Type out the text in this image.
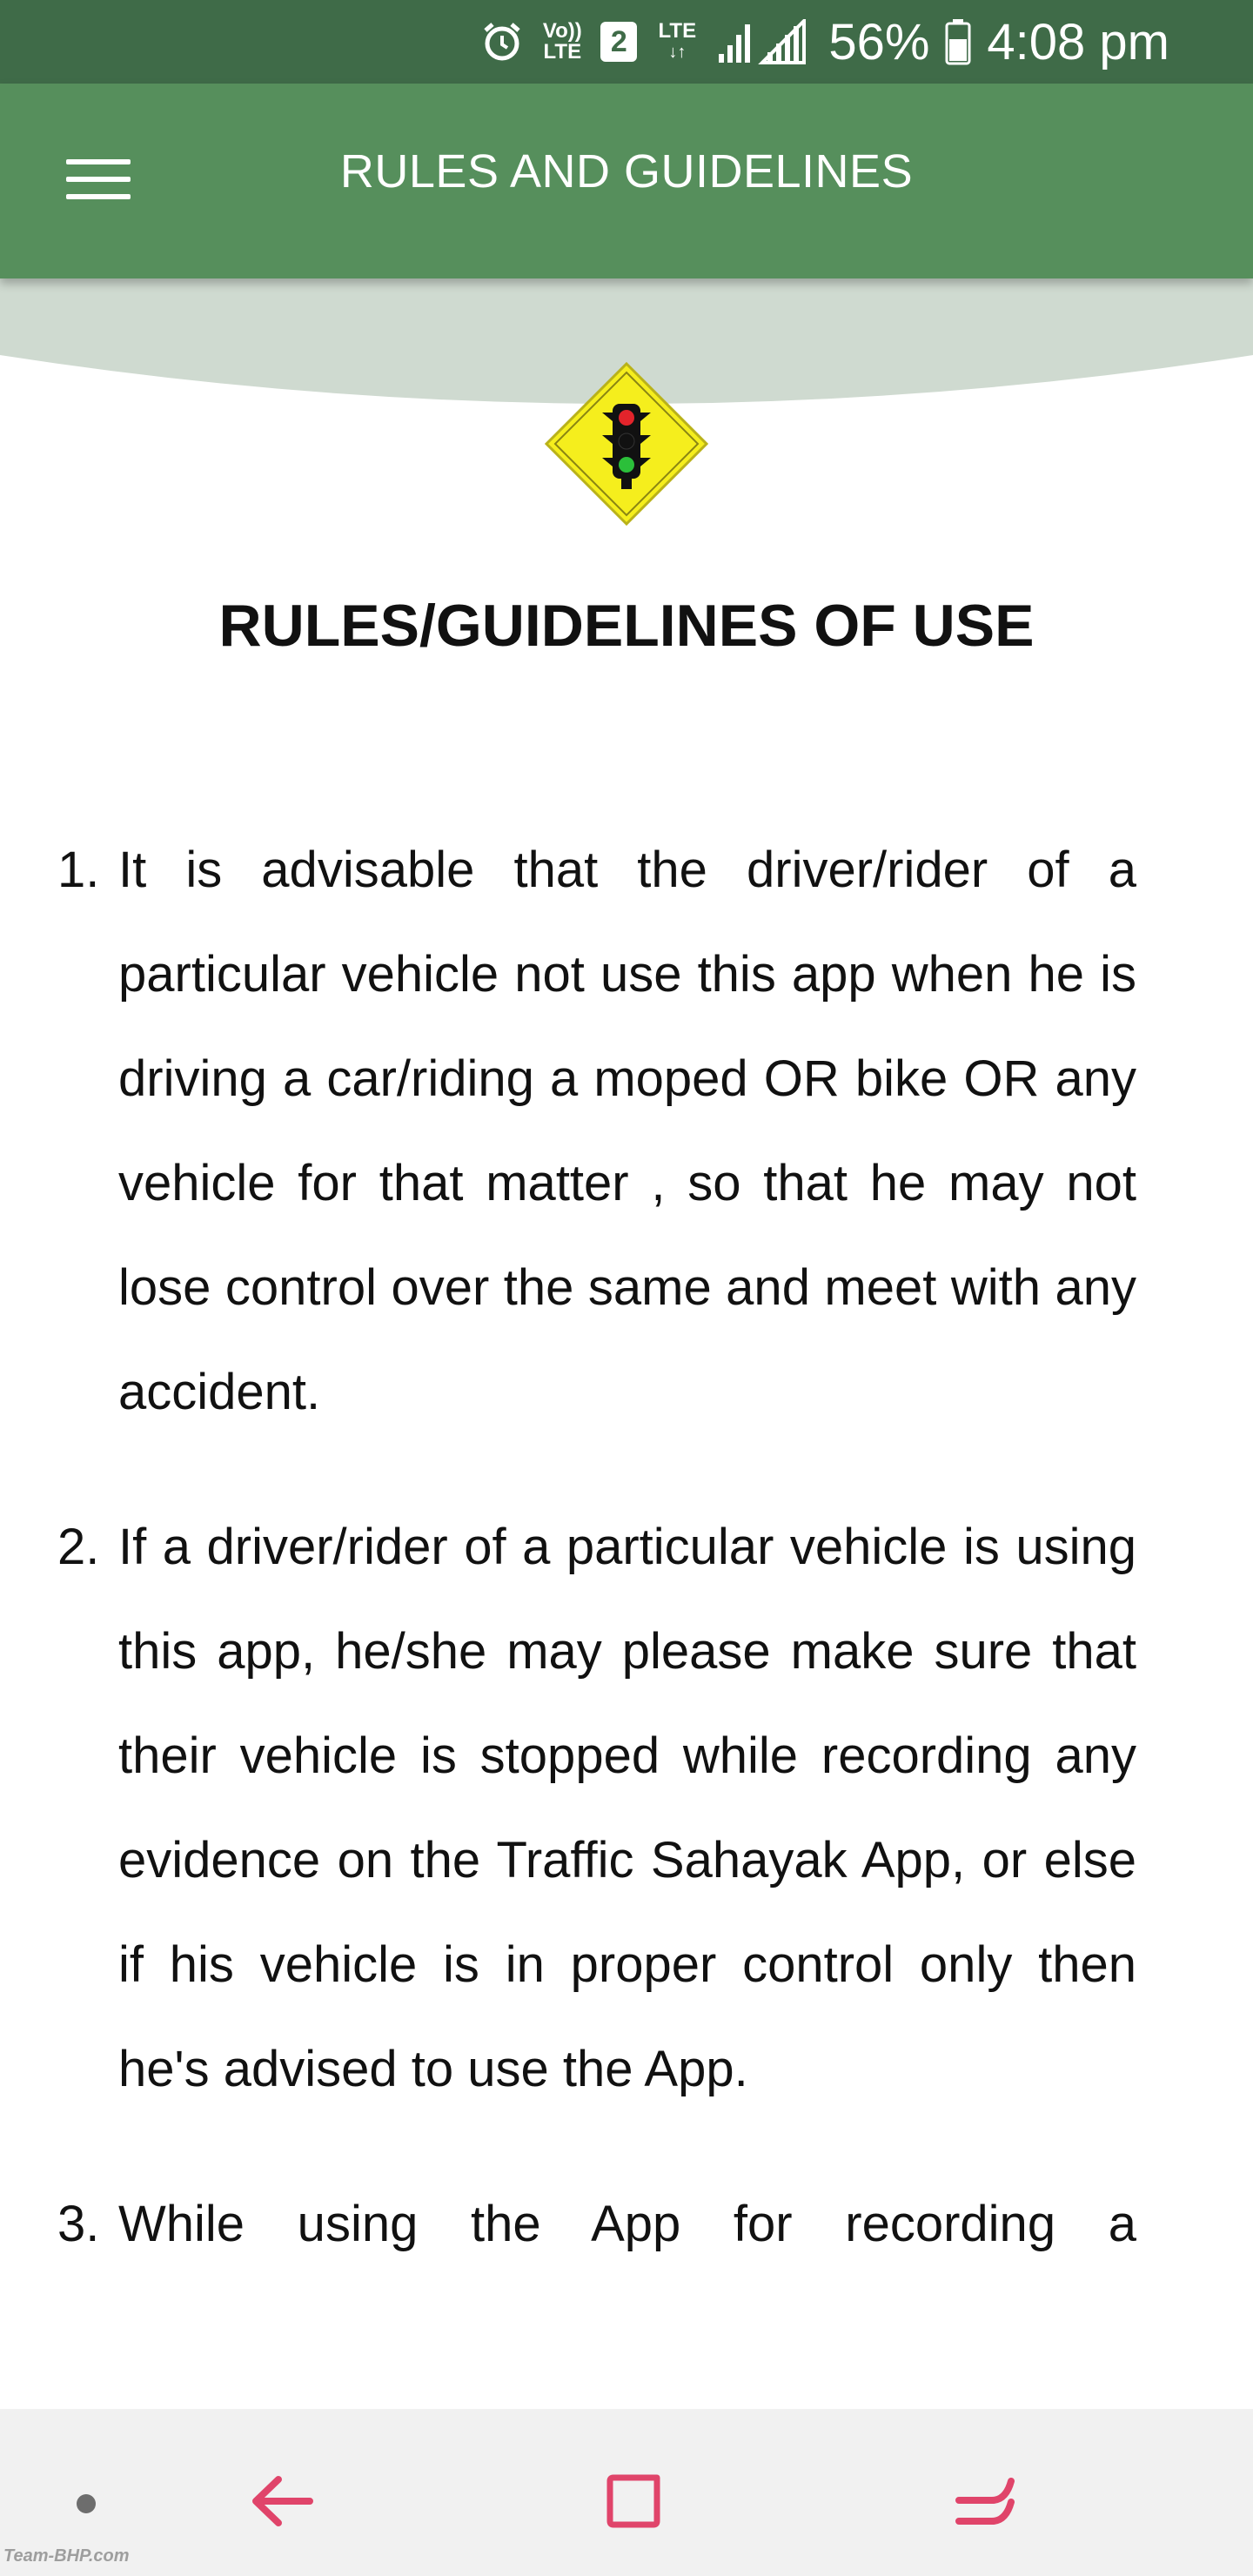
Vo))
LTE 2	LTE
↓↑	56% 4:08 pm
RULES AND GUIDELINES
RULES/GUIDELINES OF USE
1. It is advisable that the driver/rider of a particular vehicle not use this app when he is driving a car/riding a moped OR bike OR any vehicle for that matter , so that he may not lose control over the same and meet with any accident.
2. If a driver/rider of a particular vehicle is using this app, he/she may please make sure that their vehicle is stopped while recording any evidence on the Traffic Sahayak App, or else if his vehicle is in proper control only then he's advised to use the App.
3. While using the App for recording a
Team-BHP.com
